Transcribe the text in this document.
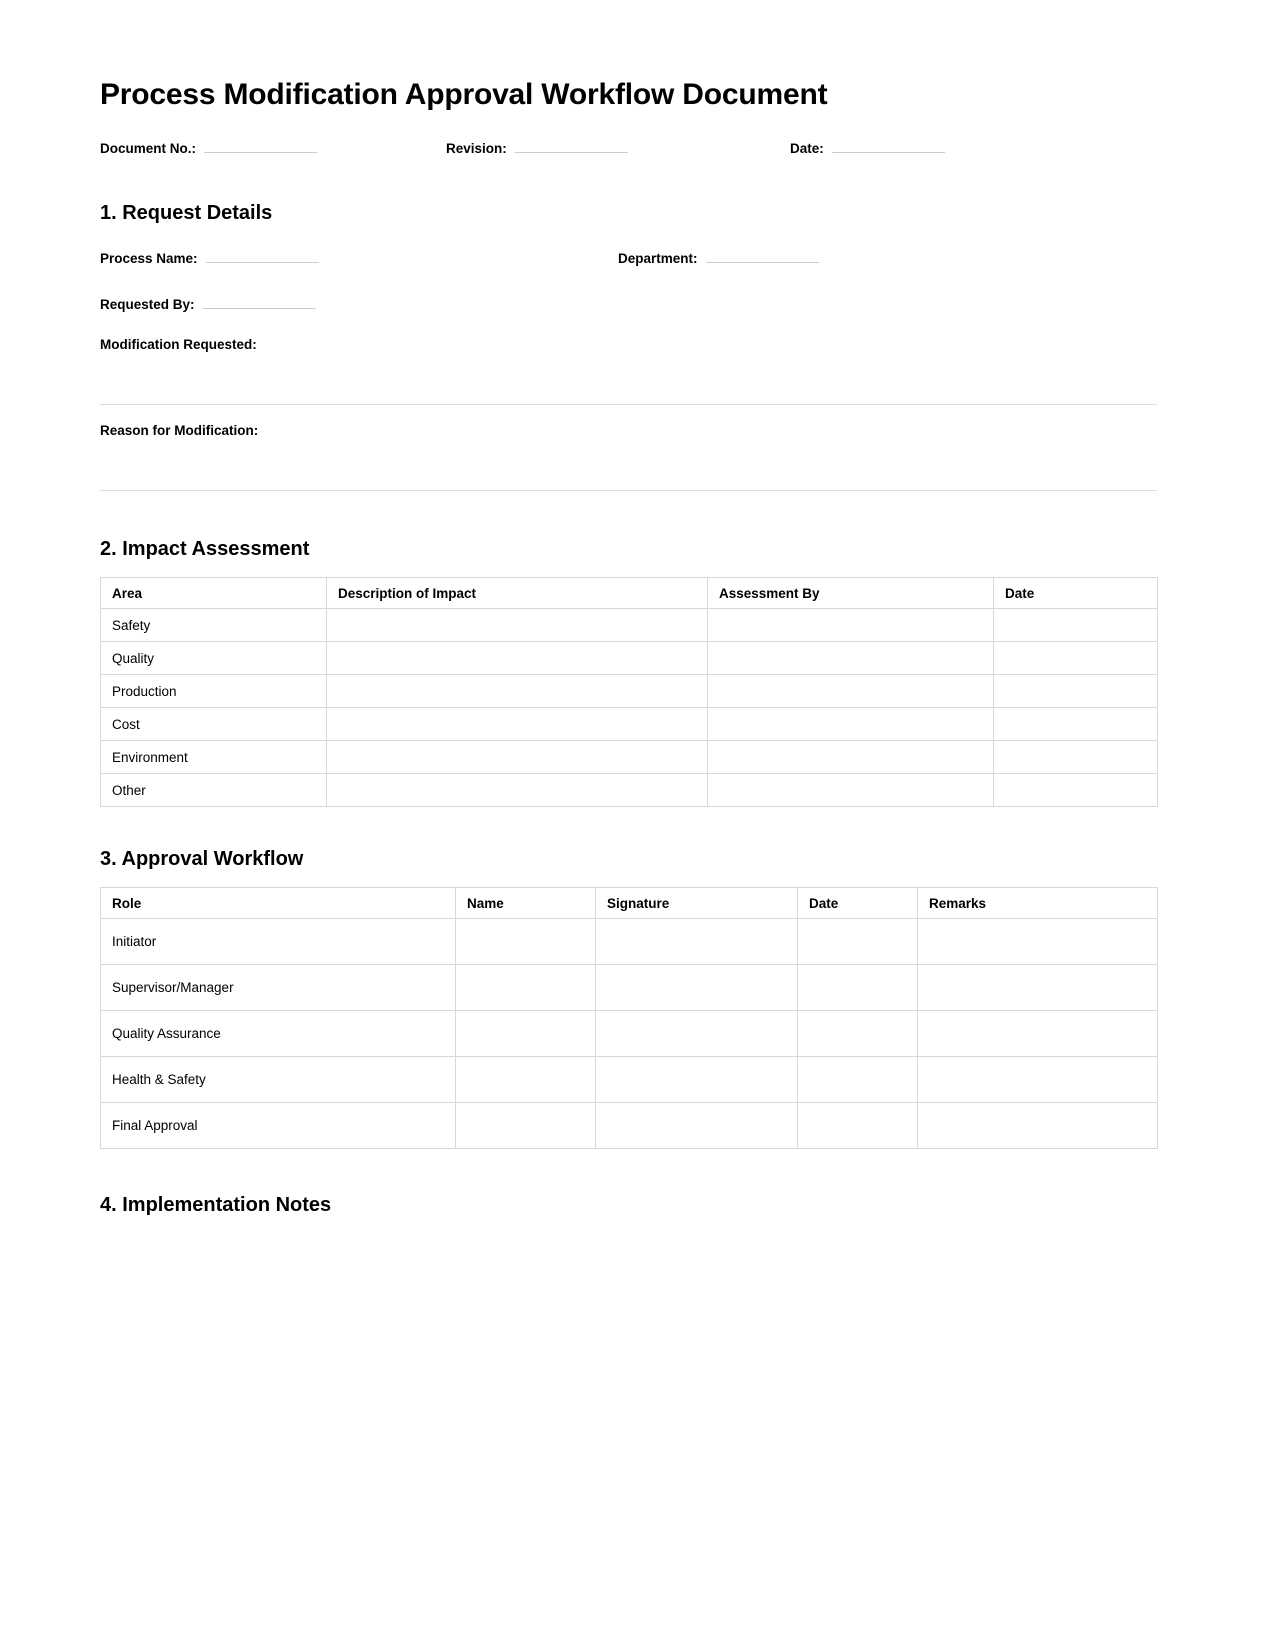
Process Modification Approval Workflow Document
Document No.:	Revision:	Date:
1. Request Details
Process Name:	Department:
Requested By:
Modification Requested:
Reason for Modification:
2. Impact Assessment
Area	Description of Impact	Assessment By	Date
Safety			
Quality			
Production			
Cost			
Environment			
Other			
3. Approval Workflow
Role	Name	Signature	Date	Remarks
Initiator				
Supervisor/Manager				
Quality Assurance				
Health & Safety				
Final Approval				
4. Implementation Notes
